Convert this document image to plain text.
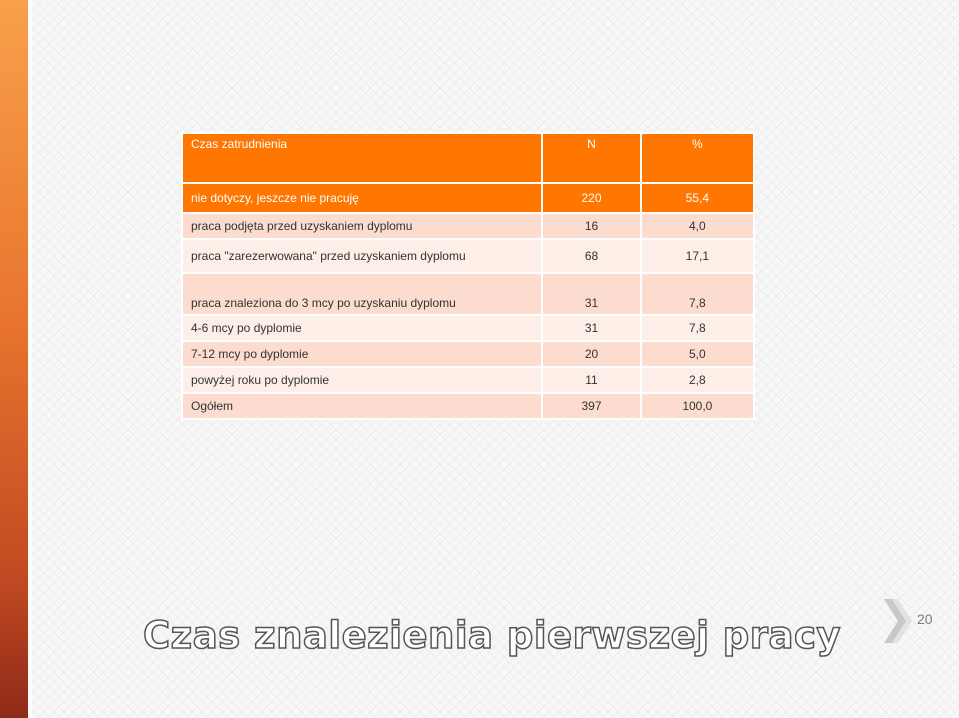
Czas zatrudnienia	N	%
nie dotyczy, jeszcze nie pracuję	220	55,4
praca podjęta przed uzyskaniem dyplomu	16	4,0
praca "zarezerwowana" przed uzyskaniem dyplomu	68	17,1
praca znaleziona do 3 mcy po uzyskaniu dyplomu	31	7,8
4-6 mcy po dyplomie	31	7,8
7-12 mcy po dyplomie	20	5,0
powyżej roku po dyplomie	11	2,8
Ogółem	397	100,0
Czas znalezienia pierwszej pracy	20
